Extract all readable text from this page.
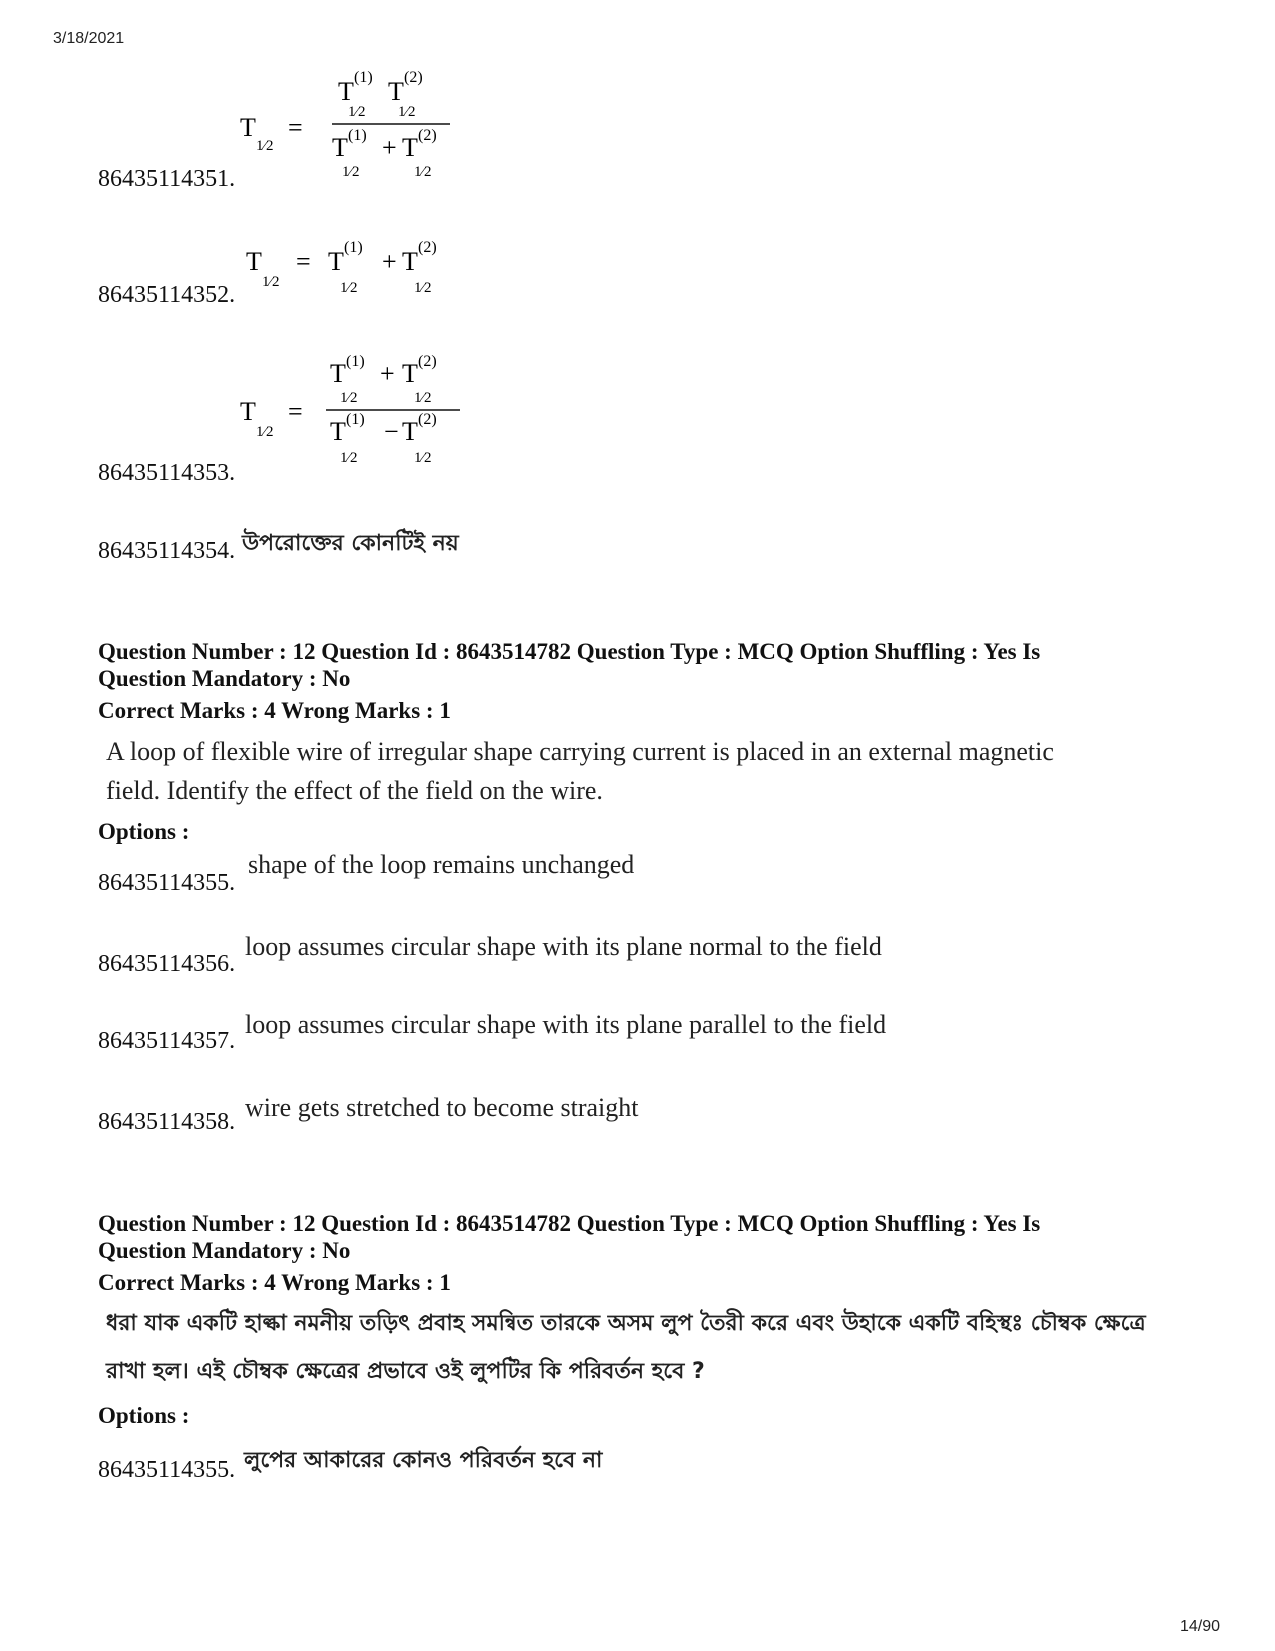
3/18/2021
14/90
86435114351.
T
1⁄2
=
T (1)
1⁄2
T (2)
1⁄2
T (1)
1⁄2
+ T (2)
1⁄2
86435114352.
T
1⁄2
= T (1)
1⁄2
+ T (2)
1⁄2
86435114353.
T
1⁄2
=
T (1)
1⁄2
+ T (2)
1⁄2
T (1)
1⁄2
− T (2)
1⁄2
86435114354. উপরোক্তের কোনটিই নয়
Question Number : 12 Question Id : 8643514782 Question Type : MCQ Option Shuffling : Yes Is
Question Mandatory : No
Correct Marks : 4 Wrong Marks : 1
A loop of flexible wire of irregular shape carrying current is placed in an external magnetic
field. Identify the effect of the field on the wire.
Options :
86435114355.
shape of the loop remains unchanged
86435114356.
loop assumes circular shape with its plane normal to the field
86435114357.
loop assumes circular shape with its plane parallel to the field
86435114358. wire gets stretched to become straight
Question Number : 12 Question Id : 8643514782 Question Type : MCQ Option Shuffling : Yes Is
Question Mandatory : No
Correct Marks : 4 Wrong Marks : 1
ধরা যাক একটি হাল্কা নমনীয় তড়িৎ প্রবাহ সমন্বিত তারকে অসম লুপ তৈরী করে এবং উহাকে একটি বহিস্থঃ চৌম্বক ক্ষেত্রে
রাখা হল। এই চৌম্বক ক্ষেত্রের প্রভাবে ওই লুপটির কি পরিবর্তন হবে ?
Options :
86435114355. লুপের আকারের কোনও পরিবর্তন হবে না
